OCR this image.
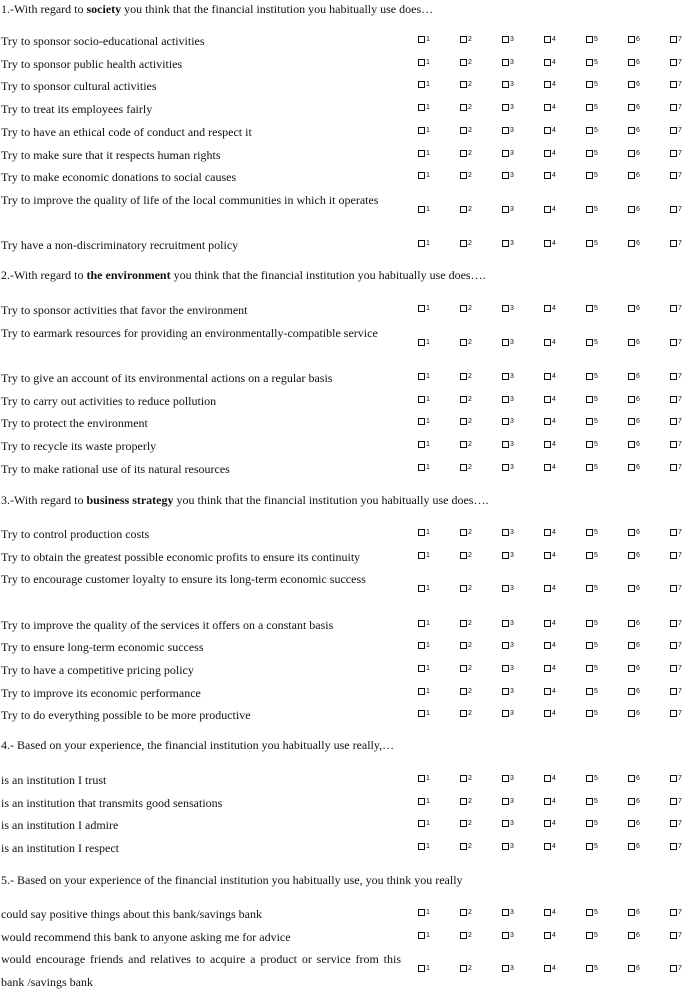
1.-With regard to society you think that the financial institution you habitually use does…
Try to sponsor socio-educational activities	1	2	3	4	5	6	7
Try to sponsor public health activities	1	2	3	4	5	6	7
Try to sponsor cultural activities	1	2	3	4	5	6	7
Try to treat its employees fairly	1	2	3	4	5	6	7
Try to have an ethical code of conduct and respect it	1	2	3	4	5	6	7
Try to make sure that it respects human rights	1	2	3	4	5	6	7
Try to make economic donations to social causes	1	2	3	4	5	6	7
Try to improve the quality of life of the local communities in which it operates
1	2	3	4	5	6	7
Try have a non-discriminatory recruitment policy	1	2	3	4	5	6	7
2.-With regard to the environment you think that the financial institution you habitually use does….
Try to sponsor activities that favor the environment	1	2	3	4	5	6	7
Try to earmark resources for providing an environmentally-compatible service
1	2	3	4	5	6	7
Try to give an account of its environmental actions on a regular basis	1	2	3	4	5	6	7
Try to carry out activities to reduce pollution	1	2	3	4	5	6	7
Try to protect the environment	1	2	3	4	5	6	7
Try to recycle its waste properly	1	2	3	4	5	6	7
Try to make rational use of its natural resources	1	2	3	4	5	6	7
3.-With regard to business strategy you think that the financial institution you habitually use does….
Try to control production costs	1	2	3	4	5	6	7
Try to obtain the greatest possible economic profits to ensure its continuity	1	2	3	4	5	6	7
Try to encourage customer loyalty to ensure its long-term economic success
1	2	3	4	5	6	7
Try to improve the quality of the services it offers on a constant basis	1	2	3	4	5	6	7
Try to ensure long-term economic success	1	2	3	4	5	6	7
Try to have a competitive pricing policy	1	2	3	4	5	6	7
Try to improve its economic performance	1	2	3	4	5	6	7
Try to do everything possible to be more productive	1	2	3	4	5	6	7
4.- Based on your experience, the financial institution you habitually use really,…
is an institution I trust	1	2	3	4	5	6	7
is an institution that transmits good sensations	1	2	3	4	5	6	7
is an institution I admire	1	2	3	4	5	6	7
is an institution I respect	1	2	3	4	5	6	7
5.- Based on your experience of the financial institution you habitually use, you think you really
could say positive things about this bank/savings bank	1	2	3	4	5	6	7
would recommend this bank to anyone asking me for advice	1	2	3	4	5	6	7
would encourage friends and relatives to acquire a product or service from this bank /savings bank
1	2	3	4	5	6	7
